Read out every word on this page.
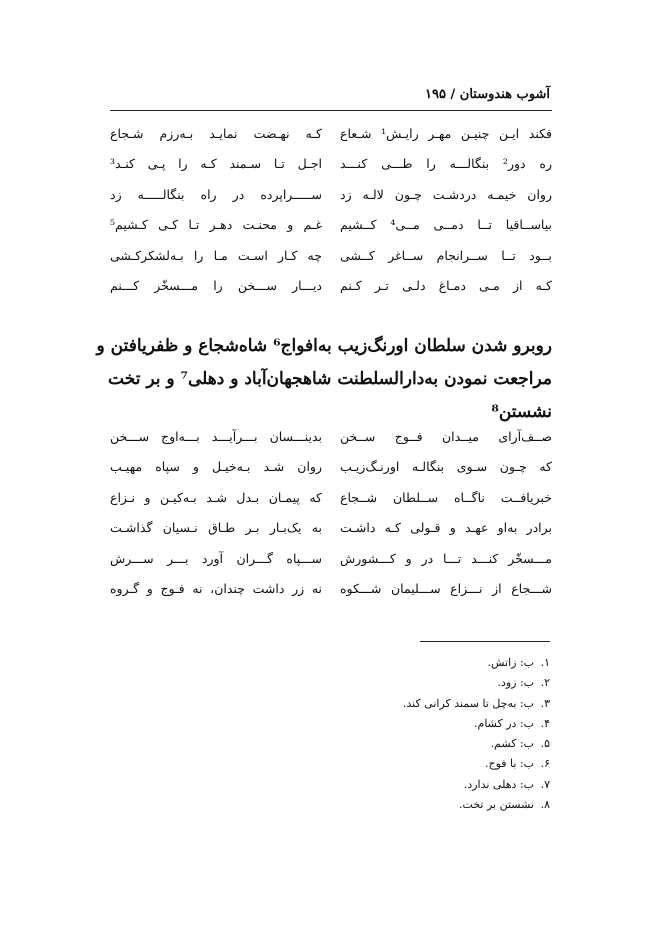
آشوب هندوستان / ۱۹۵
فکند ایـن چنیـن مهـر رایـش¹ شـعاع
کـه نهـضت نمایـد بـه‌رزم شـجاع
ره دور² بنگالـــه را طـــی کنـــد
اجـل تـا سـمند کـه را پـی کنـد³
روان خیمـه دردشـت چـون لالـه زد
ســـــراپرده در راه بنگالـــــه زد
بیاســاقیا تــا دمــی مــی⁴ کــشیم
غـم و محنـت دهـر تـا کـی کـشیم⁵
بــود تــا ســرانجام ســاغر کــشی
چه کـار اسـت مـا را بـه‌لشکرکـشی
کـه از مـی دمـاغ دلـی تـر کـنم
دیـــار ســـخن را مـــسخّر کـــنم
روبرو شدن سلطان اورنگ‌زیب به‌افواج⁶ شاه‌شجاع و ظفریافتن و
مراجعت نمودن به‌دارالسلطنت شاهجهان‌آباد و دهلی⁷ و بر تخت
نشستن⁸
صــف‌آرای میــدان فــوج ســخن
بدینـــسان بـــرآیـــد بـــه‌اوج ســـخن
که چـون سـوی بنگالـه اورنـگ‌زیـب
روان شـد بـه‌خیـل و سپاه مهیـب
خبریافــت ناگــاه ســلطان شــجاع
که پیمـان بـدل شـد بـه‌کیـن و نـزاع
برادر به‌او عهـد و قـولی کـه داشـت
به یک‌بـار بـر طـاق نـسیان گذاشـت
مـــسخّر کنـــد تـــا در و کـــشورش
ســـپاه گـــران آورد بـــر ســـرش
شـــجاع از نـــزاع ســـلیمان شـــکوه
نه زر داشت چندان، نه فـوج و گـروه
۱.ب: زاتش.
۲.ب: زود.
۳.ب: به‌چل تا سمند کرانی کند.
۴.ب: در کشام.
۵.ب: کشم.
۶.ب: با فوج.
۷.ب: دهلی ندارد.
۸.نشستن بر تخت.
